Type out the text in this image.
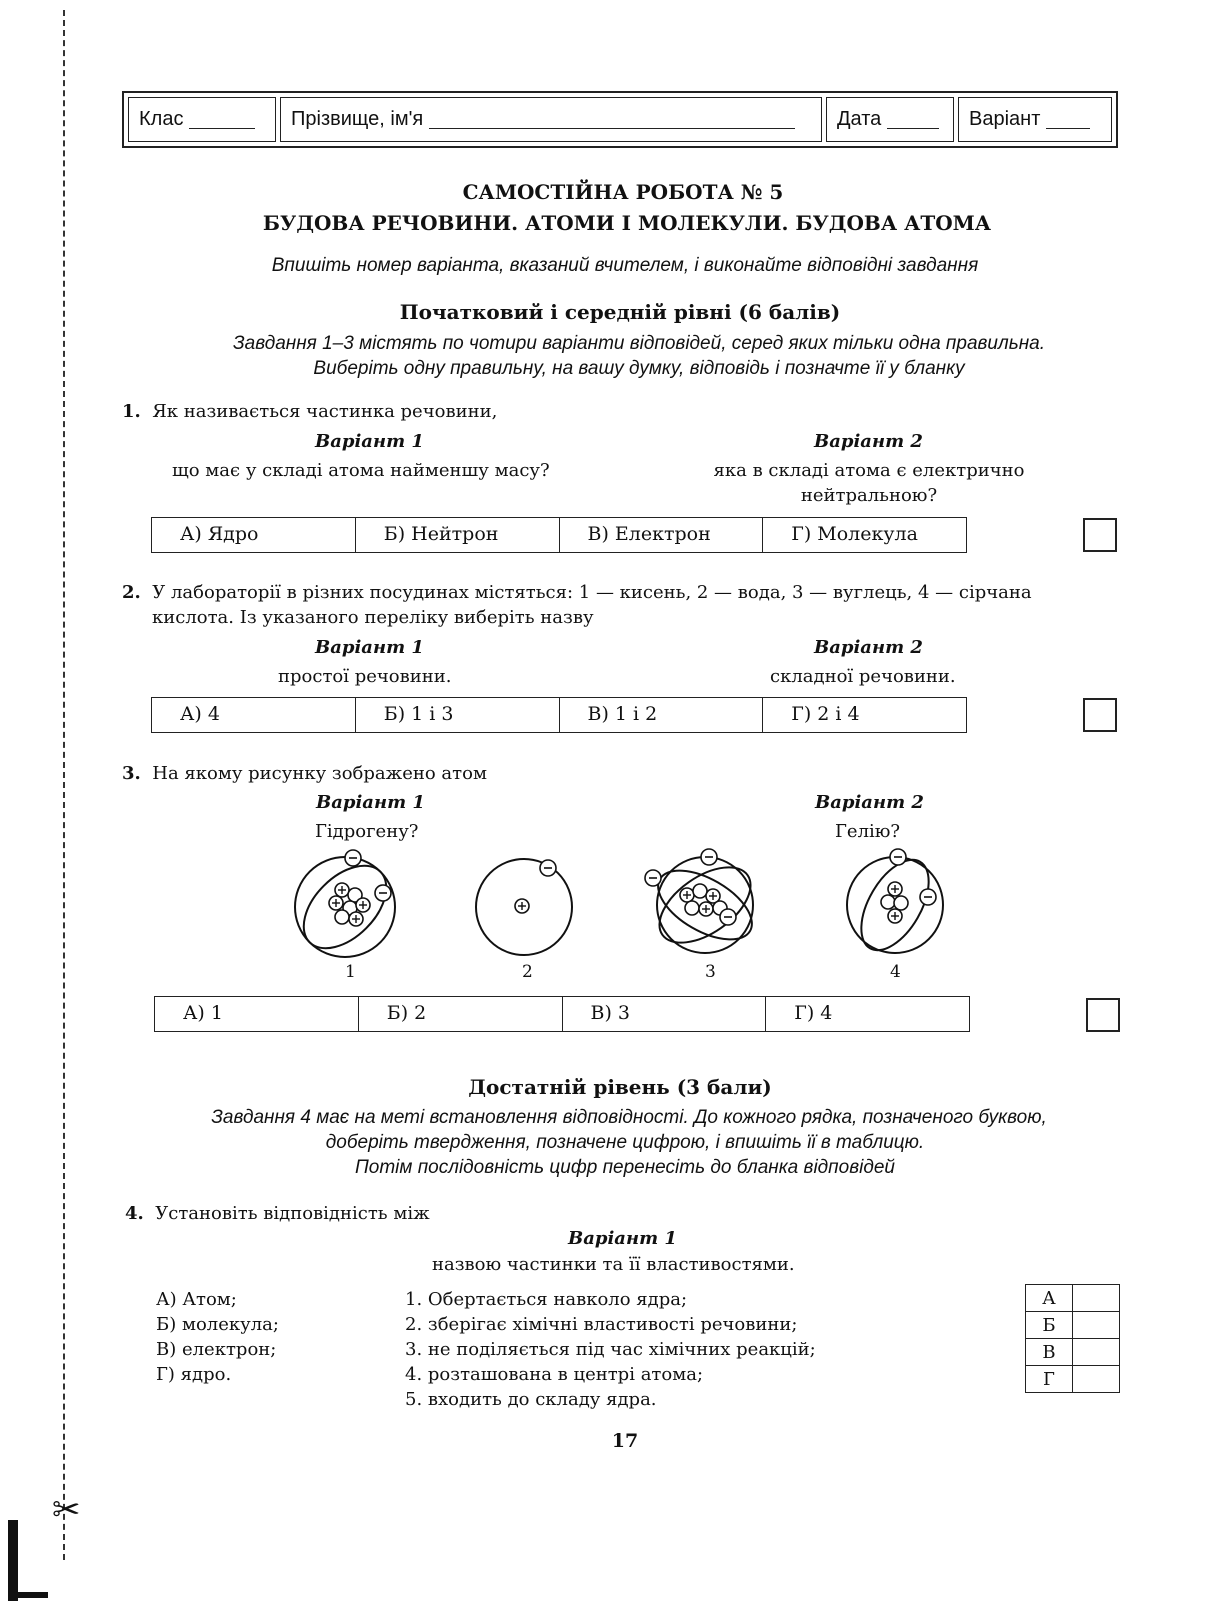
✂
Клас	Прізвище, ім'я	Дата	Варіант
САМОСТІЙНА РОБОТА № 5
БУДОВА РЕЧОВИНИ. АТОМИ І МОЛЕКУЛИ. БУДОВА АТОМА
Впишіть номер варіанта, вказаний вчителем, і виконайте відповідні завдання
Початковий і середній рівні (6 балів)
Завдання 1–3 містять по чотири варіанти відповідей, серед яких тільки одна правильна.
Виберіть одну правильну, на вашу думку, відповідь і позначте її у бланку
1. Як називається частинка речовини,
Варіант 1
що має у складі атома найменшу масу?
Варіант 2
яка в складі атома є електрично
нейтральною?
А) Ядро	Б) Нейтрон	В) Електрон	Г) Молекула
2. У лабораторії в різних посудинах містяться: 1 — кисень, 2 — вода, 3 — вуглець, 4 — сірчана
кислота. Із указаного переліку виберіть назву
Варіант 1
простої речовини.
Варіант 2
складної речовини.
А) 4	Б) 1 і 3	В) 1 і 2	Г) 2 і 4
3. На якому рисунку зображено атом
Варіант 1
Гідрогену?
Варіант 2
Гелію?
1	2	3	4
А) 1	Б) 2	В) 3	Г) 4
Достатній рівень (3 бали)
Завдання 4 має на меті встановлення відповідності. До кожного рядка, позначеного буквою,
доберіть твердження, позначене цифрою, і впишіть її в таблицю.
Потім послідовність цифр перенесіть до бланка відповідей
4. Установіть відповідність між
Варіант 1
назвою частинки та її властивостями.
А) Атом;
Б) молекула;
В) електрон;
Г) ядро.
1. Обертається навколо ядра;
2. зберігає хімічні властивості речовини;
3. не поділяється під час хімічних реакцій;
4. розташована в центрі атома;
5. входить до складу ядра.
А	
Б	
В	
Г	
17
